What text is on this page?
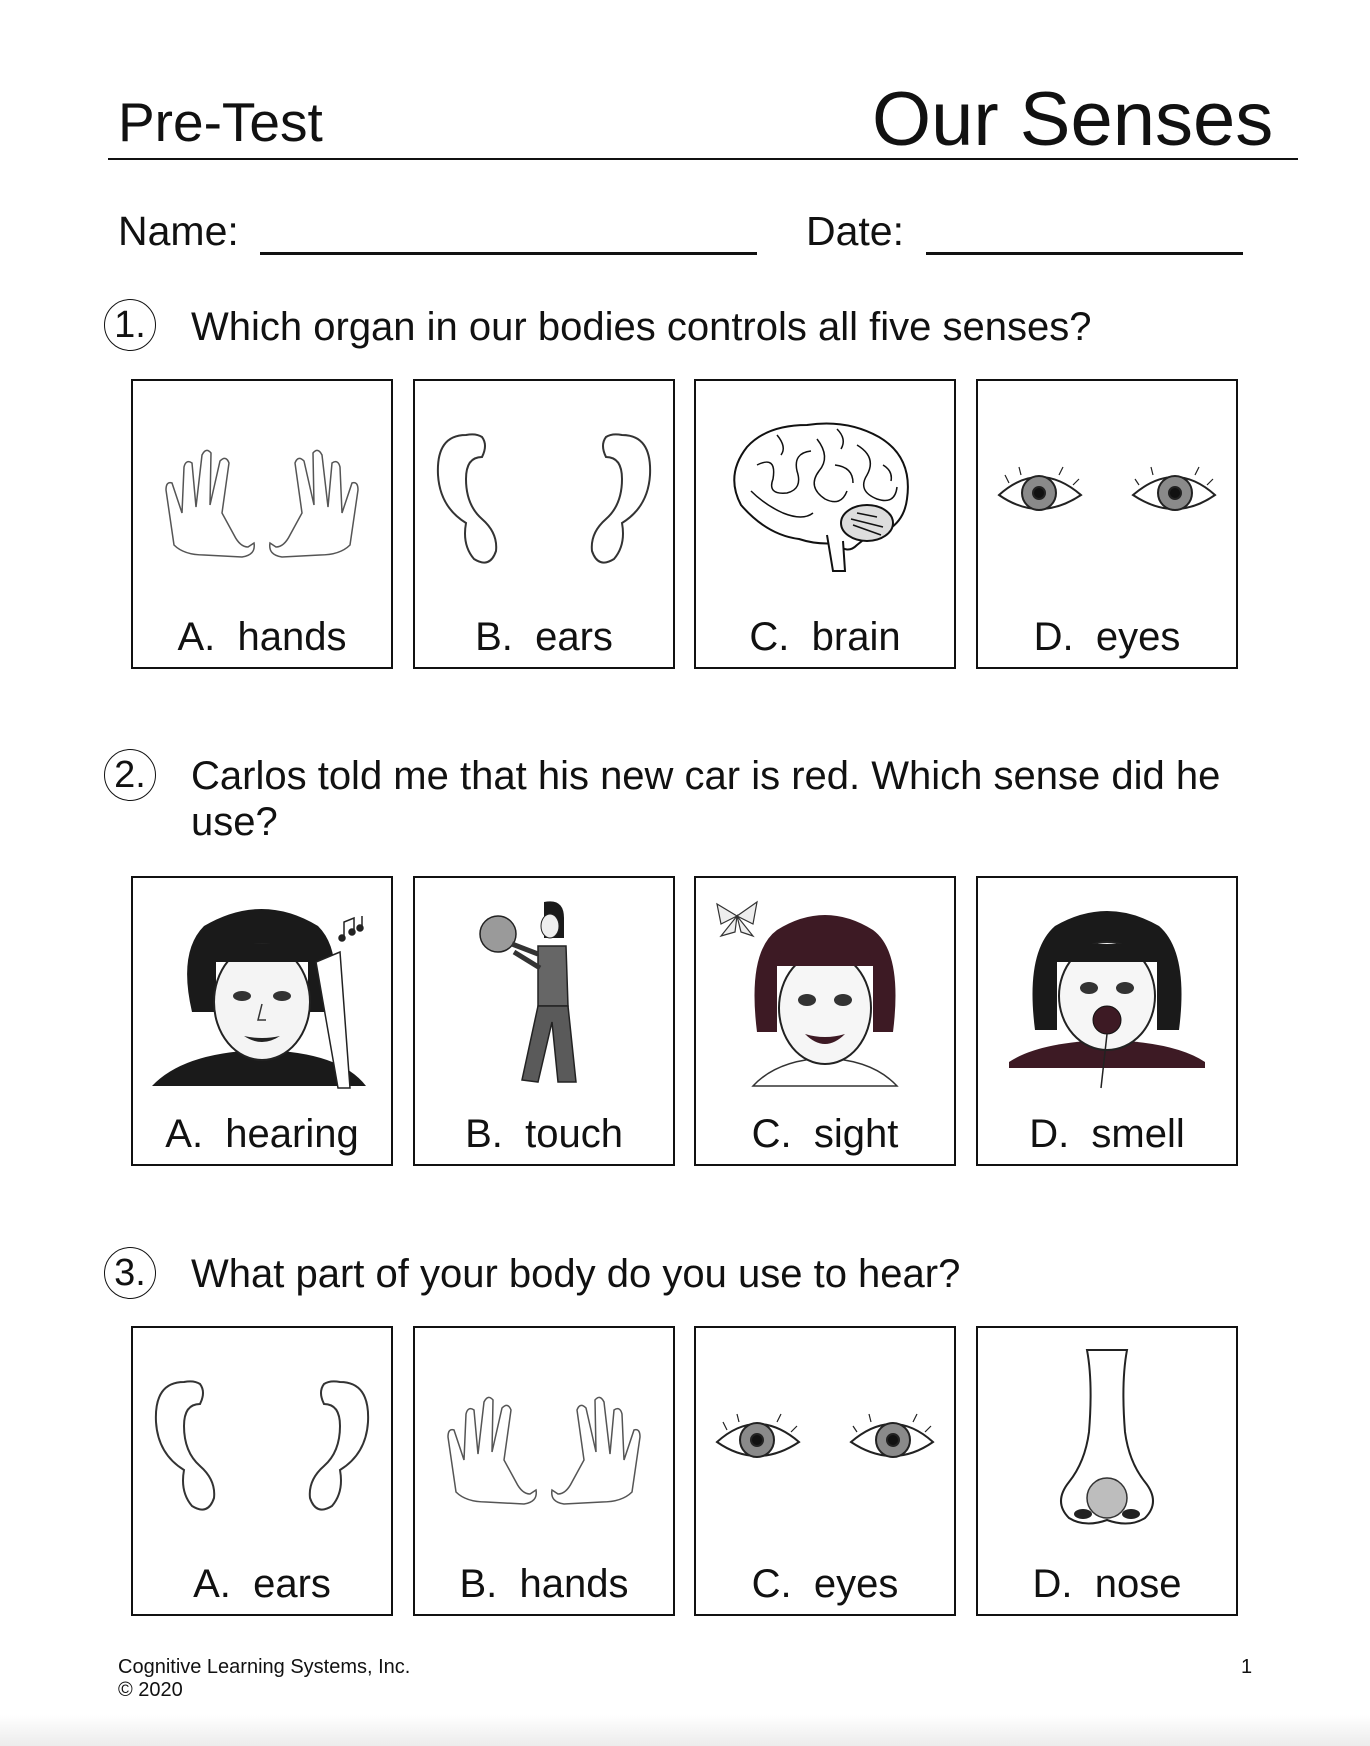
Pre-Test	Our Senses
Name:	Date:
1. Which organ in our bodies controls all five senses?
A.  hands	B.  ears	C.  brain	D.  eyes
2. Carlos told me that his new car is red. Which sense did he use?
A.  hearing	B.  touch	C.  sight	D.  smell
3. What part of your body do you use to hear?
A.  ears	B.  hands	C.  eyes	D.  nose
Cognitive Learning Systems, Inc.
© 2020
1
